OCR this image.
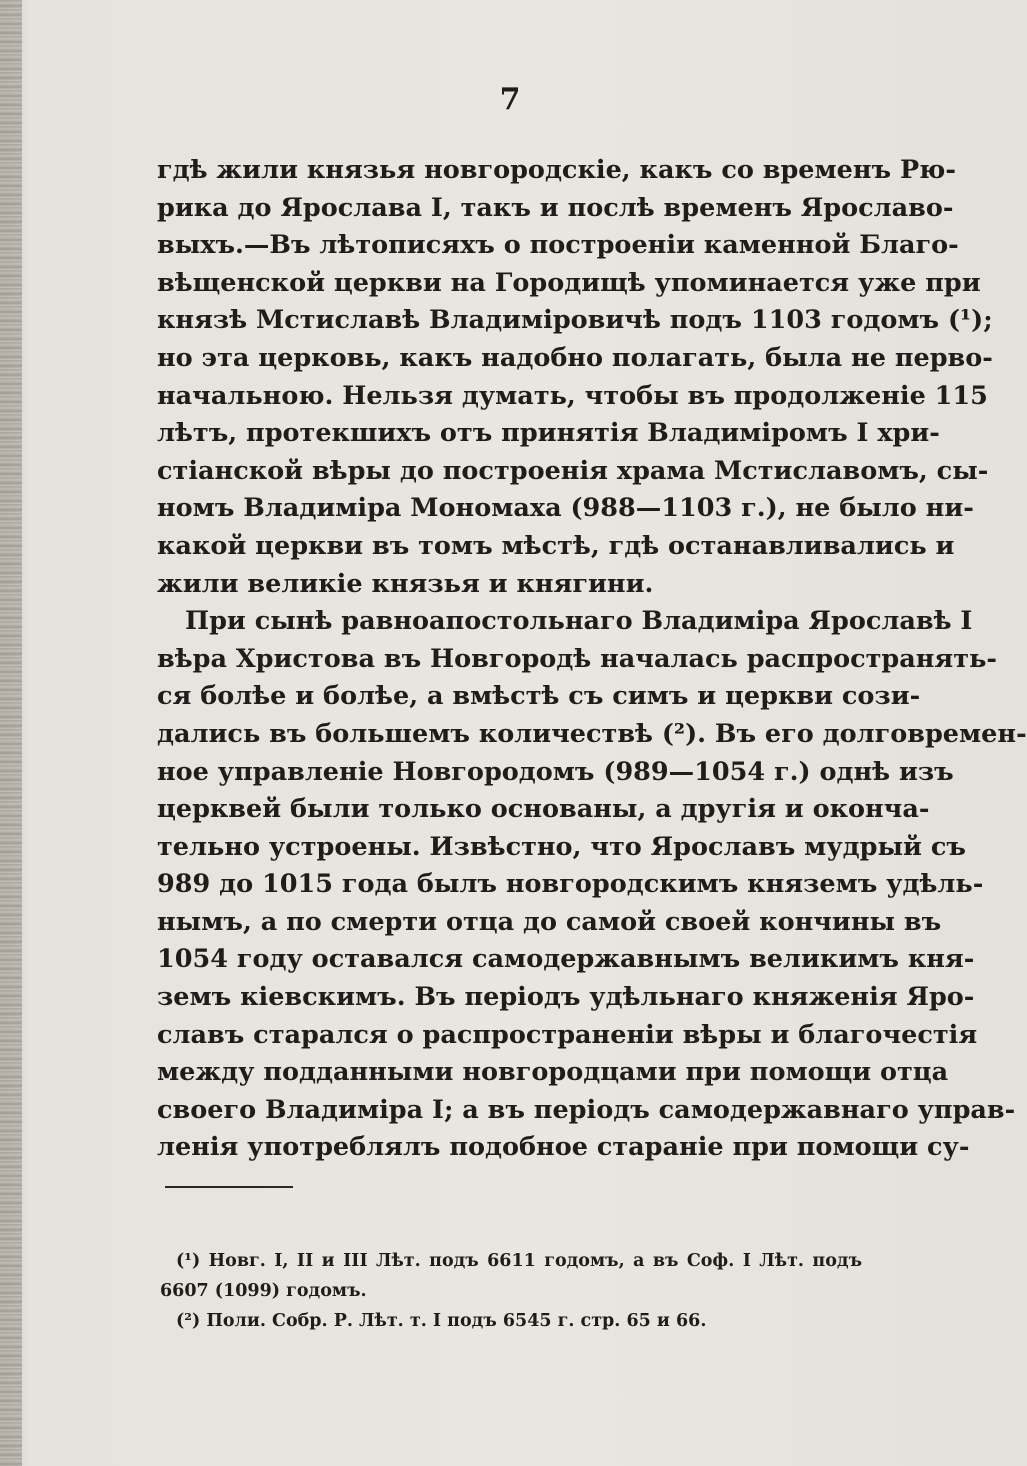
7
гдѣ жили князья новгородскіе, какъ со временъ Рю-
рика до Ярослава I, такъ и послѣ временъ Ярославо-
выхъ.—Въ лѣтописяхъ о построеніи каменной Благо-
вѣщенской церкви на Городищѣ упоминается уже при
князѣ Мстиславѣ Владиміровичѣ подъ 1103 годомъ (¹);
но эта церковь, какъ надобно полагать, была не перво-
начальною. Нельзя думать, чтобы въ продолженіе 115
лѣтъ, протекшихъ отъ принятія Владиміромъ I хри-
стіанской вѣры до построенія храма Мстиславомъ, сы-
номъ Владиміра Мономаха (988—1103 г.), не было ни-
какой церкви въ томъ мѣстѣ, гдѣ останавливались и
жили великіе князья и княгини.
При сынѣ равноапостольнаго Владиміра Ярославѣ I
вѣра Христова въ Новгородѣ началась распространять-
ся болѣе и болѣе, а вмѣстѣ съ симъ и церкви сози-
дались въ большемъ количествѣ (²). Въ его долговремен-
ное управленіе Новгородомъ (989—1054 г.) однѣ изъ
церквей были только основаны, а другія и оконча-
тельно устроены. Извѣстно, что Ярославъ мудрый съ
989 до 1015 года былъ новгородскимъ княземъ удѣль-
нымъ, а по смерти отца до самой своей кончины въ
1054 году оставался самодержавнымъ великимъ кня-
земъ кіевскимъ. Въ періодъ удѣльнаго княженія Яро-
славъ старался о распространеніи вѣры и благочестія
между подданными новгородцами при помощи отца
своего Владиміра I; а въ періодъ самодержавнаго управ-
ленія употреблялъ подобное стараніе при помощи су-
(¹) Новг. I, II и III Лѣт. подъ 6611 годомъ, а въ Соф. I Лѣт. подъ
6607 (1099) годомъ.
(²) Поли. Собр. Р. Лѣт. т. I подъ 6545 г. стр. 65 и 66.
